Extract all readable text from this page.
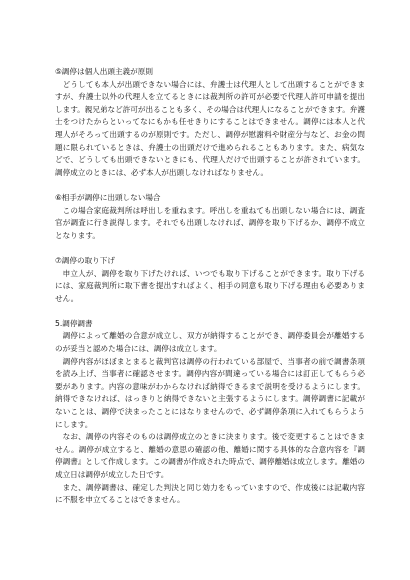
⑤調停は個人出頭主義が原則

どうしても本人が出頭できない場合には、弁護士は代理人として出頭することができますが、弁護士以外の代理人を立てるときには裁判所の許可が必要で代理人許可申請を提出します。親兄弟など許可が出ることも多く、その場合は代理人になることができます。弁護士をつけたからといってなにもかも任せきりにすることはできません。調停には本人と代理人がそろって出頭するのが原則です。ただし、調停が慰謝料や財産分与など、お金の問題に限られているときは、弁護士の出頭だけで進められることもあります。また、病気などで、どうしても出頭できないときにも、代理人だけで出頭することが許されています。調停成立のときには、必ず本人が出頭しなければなりません。

⑥相手が調停に出頭しない場合

この場合家庭裁判所は呼出しを重ねます。呼出しを重ねても出頭しない場合には、調査官が調査に行き説得します。それでも出頭しなければ、調停を取り下げるか、調停不成立となります。

⑦調停の取り下げ

申立人が、調停を取り下げたければ、いつでも取り下げることができます。取り下げるには、家庭裁判所に取下書を提出すればよく、相手の同意も取り下げる理由も必要ありません。

5.調停調書

調停によって離婚の合意が成立し、双方が納得することができ、調停委員会が離婚するのが妥当と認めた場合には、調停は成立します。

調停内容がほぼまとまると裁判官は調停の行われている部屋で、当事者の前で調書条項を読み上げ、当事者に確認させます。調停内容が間違っている場合には訂正してもらう必要があります。内容の意味がわからなければ納得できるまで説明を受けるようにします。納得できなければ、はっきりと納得できないと主張するようにします。調停調書に記載がないことは、調停で決まったことにはなりませんので、必ず調停条項に入れてもらうようにします。

なお、調停の内容そのものは調停成立のときに決まります。後で変更することはできません。調停が成立すると、離婚の意思の確認の他、離婚に関する具体的な合意内容を『調停調書』として作成します。この調書が作成された時点で、調停離婚は成立します。離婚の成立日は調停が成立した日です。

また、調停調書は、確定した判決と同じ効力をもっていますので、作成後には記載内容に不服を申立てることはできません。
